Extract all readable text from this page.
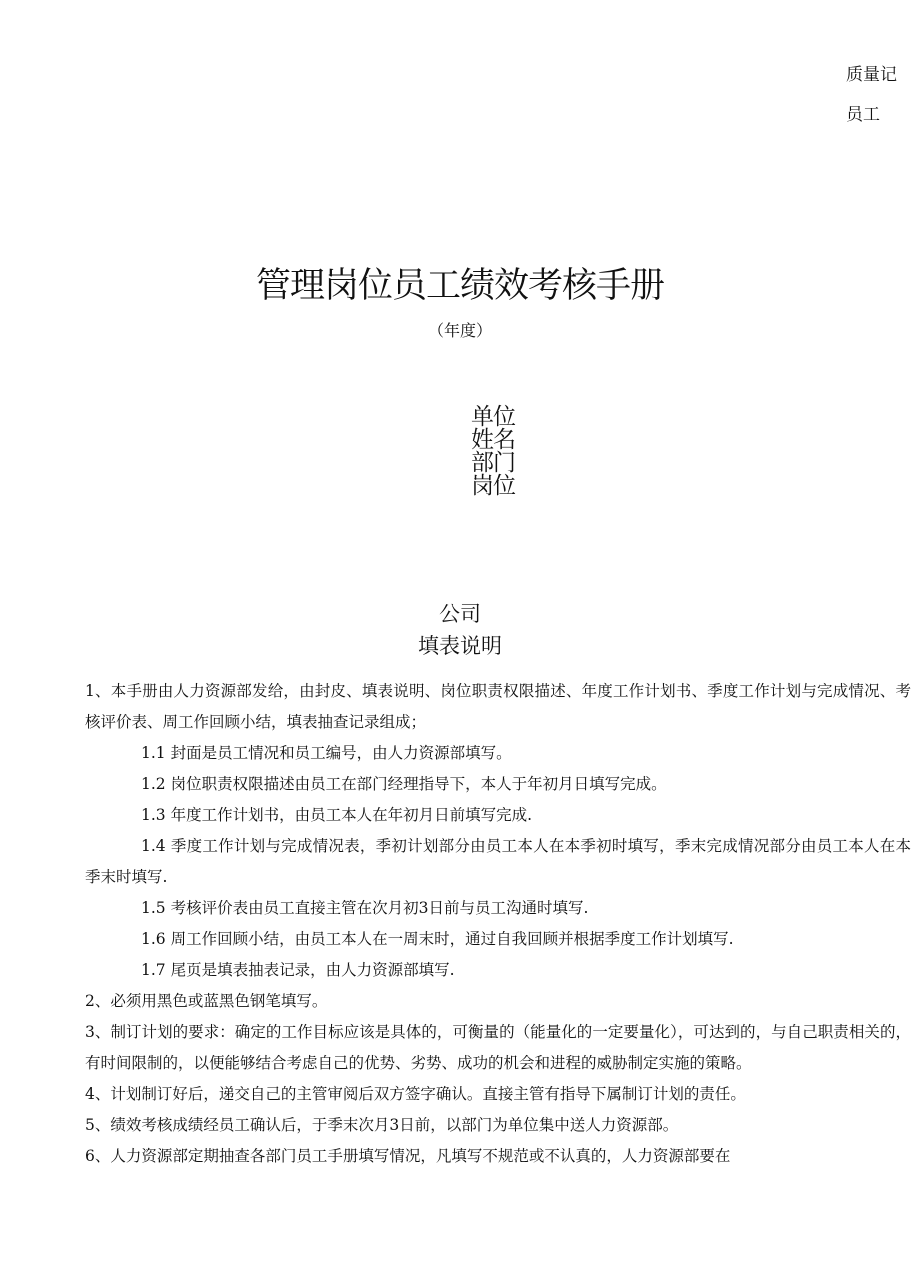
质量记
员工
管理岗位员工绩效考核手册
（年度）
单位
姓名
部门
岗位
公司
填表说明

1、本手册由人力资源部发给，由封皮、填表说明、岗位职责权限描述、年度工作计划书、季度工作计划与完成情况、考核评价表、周工作回顾小结，填表抽查记录组成；

1.1 封面是员工情况和员工编号，由人力资源部填写。

1.2 岗位职责权限描述由员工在部门经理指导下，本人于年初月日填写完成。

1.3 年度工作计划书，由员工本人在年初月日前填写完成.

1.4 季度工作计划与完成情况表，季初计划部分由员工本人在本季初时填写，季末完成情况部分由员工本人在本季末时填写.

1.5 考核评价表由员工直接主管在次月初3日前与员工沟通时填写.

1.6 周工作回顾小结，由员工本人在一周末时，通过自我回顾并根据季度工作计划填写.

1.7 尾页是填表抽表记录，由人力资源部填写.

2、必须用黑色或蓝黑色钢笔填写。

3、制订计划的要求：确定的工作目标应该是具体的，可衡量的（能量化的一定要量化），可达到的，与自己职责相关的，有时间限制的，以便能够结合考虑自己的优势、劣势、成功的机会和进程的威胁制定实施的策略。

4、计划制订好后，递交自己的主管审阅后双方签字确认。直接主管有指导下属制订计划的责任。

5、绩效考核成绩经员工确认后，于季末次月3日前，以部门为单位集中送人力资源部。

6、人力资源部定期抽查各部门员工手册填写情况，凡填写不规范或不认真的，人力资源部要在
